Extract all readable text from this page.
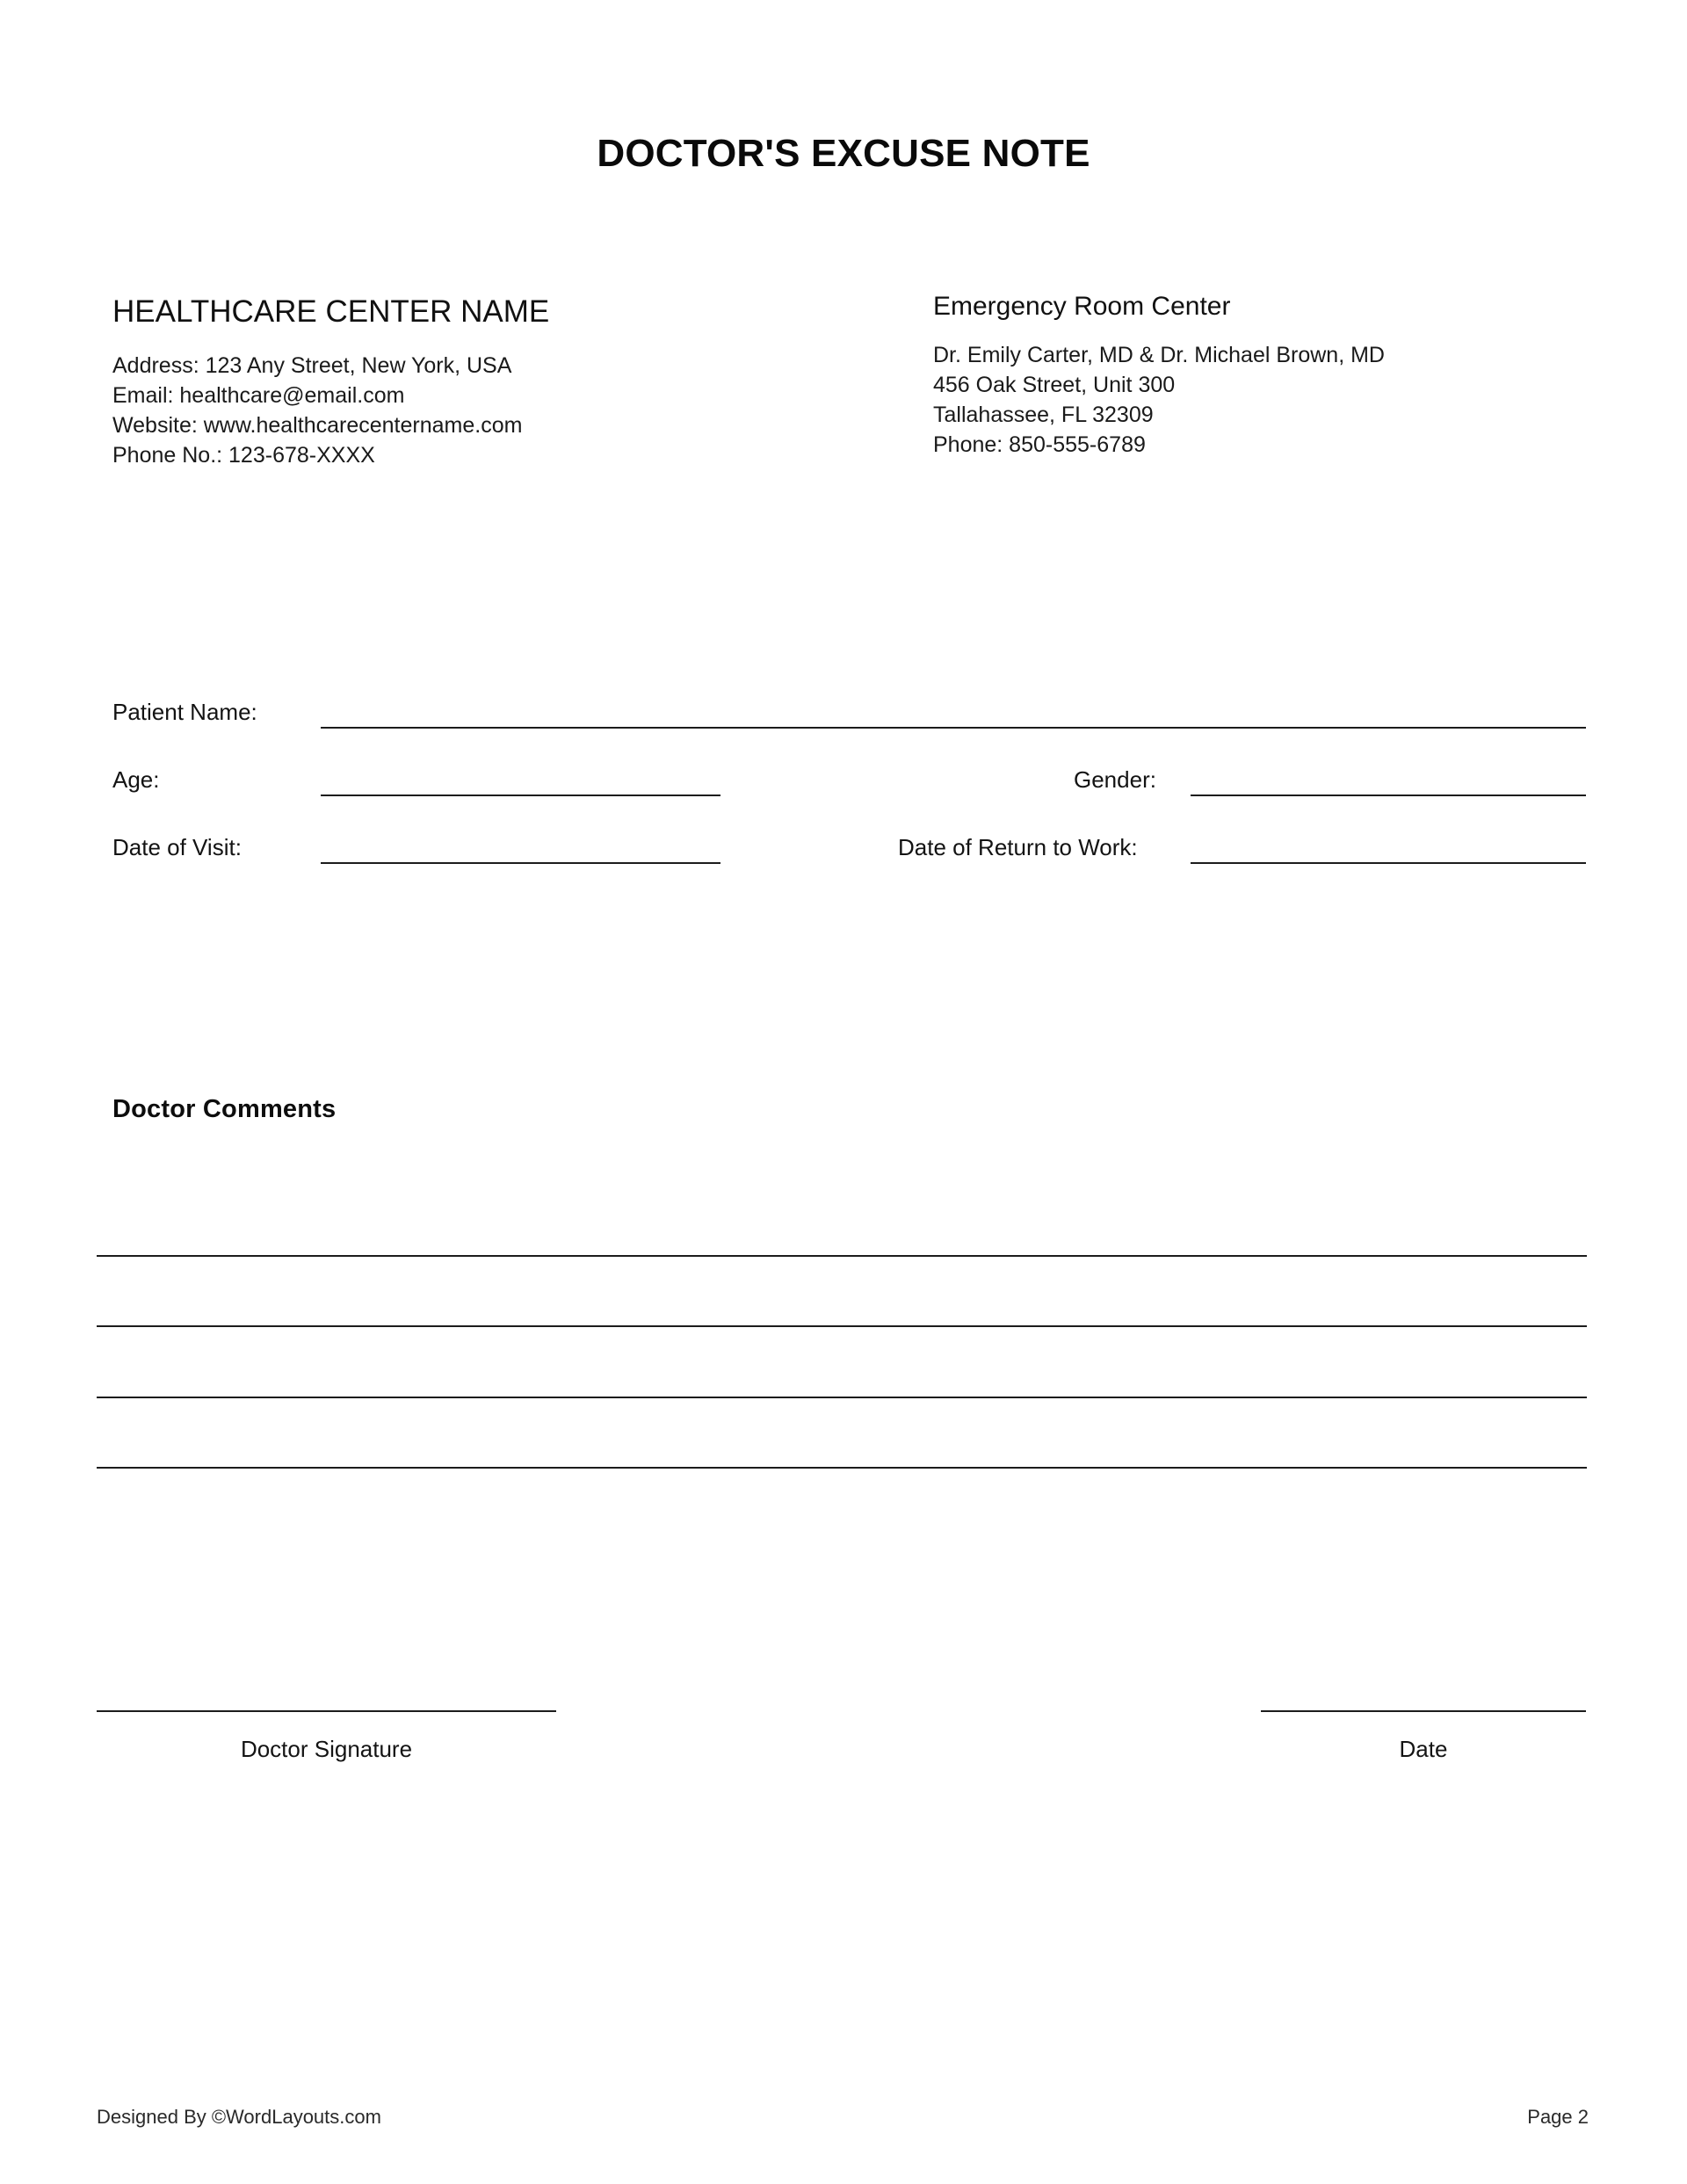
DOCTOR'S EXCUSE NOTE
HEALTHCARE CENTER NAME
Address: 123 Any Street, New York, USA
Email: healthcare@email.com
Website: www.healthcarecentername.com
Phone No.: 123-678-XXXX
Emergency Room Center
Dr. Emily Carter, MD & Dr. Michael Brown, MD
456 Oak Street, Unit 300
Tallahassee, FL 32309
Phone: 850-555-6789
Patient Name:
Age:	Gender:
Date of Visit:	Date of Return to Work:
Doctor Comments
Doctor Signature	Date
Designed By ©WordLayouts.com	Page 2
